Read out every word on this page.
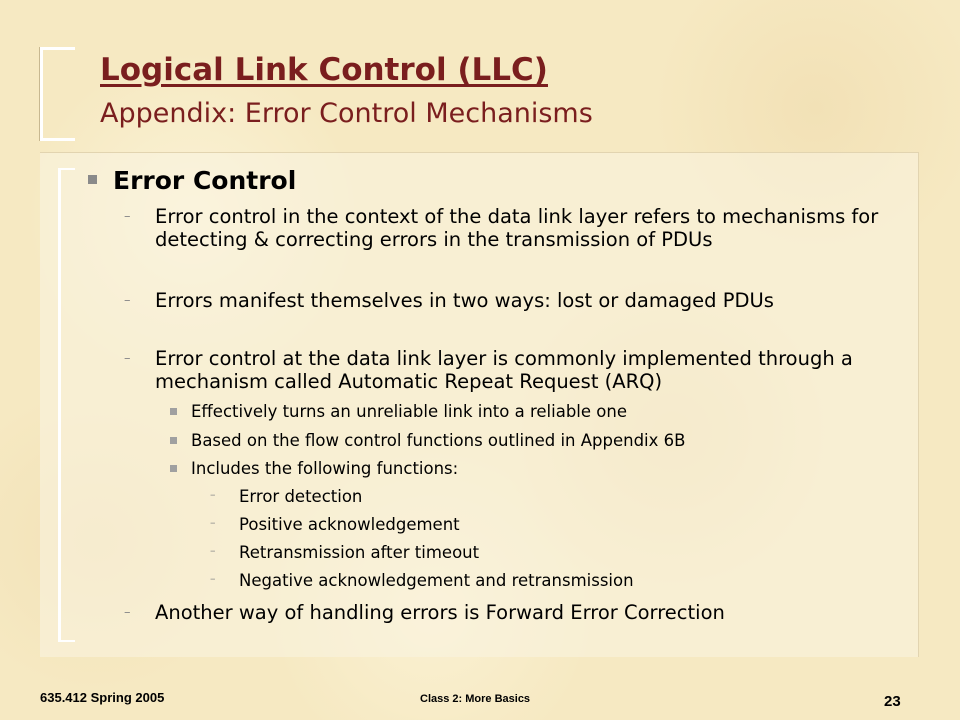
Logical Link Control (LLC)
Appendix: Error Control Mechanisms
Error Control
– Error control in the context of the data link layer refers to mechanisms for detecting & correcting errors in the transmission of PDUs
– Errors manifest themselves in two ways: lost or damaged PDUs
– Error control at the data link layer is commonly implemented through a mechanism called Automatic Repeat Request (ARQ)
Effectively turns an unreliable link into a reliable one
Based on the flow control functions outlined in Appendix 6B
Includes the following functions:
– Error detection
– Positive acknowledgement
– Retransmission after timeout
– Negative acknowledgement and retransmission
– Another way of handling errors is Forward Error Correction
635.412 Spring 2005	Class 2: More Basics	23
